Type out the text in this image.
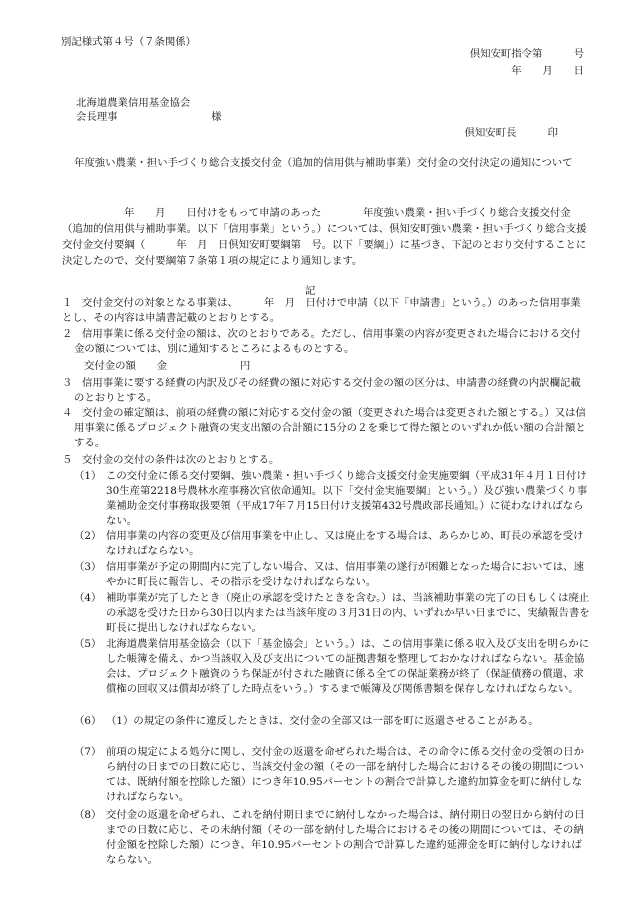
別記様式第４号（７条関係）
倶知安町指令第　　　号
年　　月　　日
北海道農業信用基金協会
会長理事　　　　　　　　　様
倶知安町長　　　印
年度強い農業・担い手づくり総合支援交付金（追加的信用供与補助事業）交付金の交付決定の通知について
年　　月　　日付けをもって申請のあった　　　　年度強い農業・担い手づくり総合支援交付金（追加的信用供与補助事業。以下「信用事業」という。）については、倶知安町強い農業・担い手づくり総合支援交付金交付要綱（　　　年　月　日倶知安町要綱第　号。以下「要綱」）に基づき、下記のとおり交付することに決定したので、交付要綱第７条第１項の規定により通知します。
記
１ 交付金交付の対象となる事業は、　　　年　月　日付けで申請（以下「申請書」という。）のあった信用事業とし、その内容は申請書記載のとおりとする。
２ 信用事業に係る交付金の額は、次のとおりである。ただし、信用事業の内容が変更された場合における交付金の額については、別に通知するところによるものとする。
交付金の額　　金　　　　　　　円
３ 信用事業に要する経費の内訳及びその経費の額に対応する交付金の額の区分は、申請書の経費の内訳欄記載のとおりとする。
４ 交付金の確定額は、前項の経費の額に対応する交付金の額（変更された場合は変更された額とする。）又は信用事業に係るプロジェクト融資の実支出額の合計額に15分の２を乗じて得た額とのいずれか低い額の合計額とする。
５ 交付金の交付の条件は次のとおりとする。
（1） この交付金に係る交付要綱、強い農業・担い手づくり総合支援交付金実施要綱（平成31年４月１日付け30生産第2218号農林水産事務次官依命通知。以下「交付金実施要綱」という。）及び強い農業づくり事業補助金交付事務取扱要領（平成17年７月15日付け支援第432号農政部長通知。）に従わなければならない。
（2） 信用事業の内容の変更及び信用事業を中止し、又は廃止をする場合は、あらかじめ、町長の承認を受けなければならない。
（3） 信用事業が予定の期間内に完了しない場合、又は、信用事業の遂行が困難となった場合においては、速やかに町長に報告し、その指示を受けなければならない。
（4） 補助事業が完了したとき（廃止の承認を受けたときを含む。）は、当該補助事業の完了の日もしくは廃止の承認を受けた日から30日以内または当該年度の３月31日の内、いずれか早い日までに、実績報告書を町長に提出しなければならない。
（5） 北海道農業信用基金協会（以下「基金協会」という。）は、この信用事業に係る収入及び支出を明らかにした帳簿を備え、かつ当該収入及び支出についての証拠書類を整理しておかなければならない。基金協会は、プロジェクト融資のうち保証が付された融資に係る全ての保証業務が終了（保証債務の償還、求償権の回収又は償却が終了した時点をいう。）するまで帳簿及び関係書類を保存しなければならない。
（6） （1）の規定の条件に違反したときは、交付金の全部又は一部を町に返還させることがある。
（7） 前項の規定による処分に関し、交付金の返還を命ぜられた場合は、その命令に係る交付金の受領の日から納付の日までの日数に応じ、当該交付金の額（その一部を納付した場合におけるその後の期間については、既納付額を控除した額）につき年10.95パーセントの割合で計算した違約加算金を町に納付しなければならない。
（8） 交付金の返還を命ぜられ、これを納付期日までに納付しなかった場合は、納付期日の翌日から納付の日までの日数に応じ、その未納付額（その一部を納付した場合におけるその後の期間については、その納付金額を控除した額）につき、年10.95パーセントの割合で計算した違約延滞金を町に納付しなければならない。
